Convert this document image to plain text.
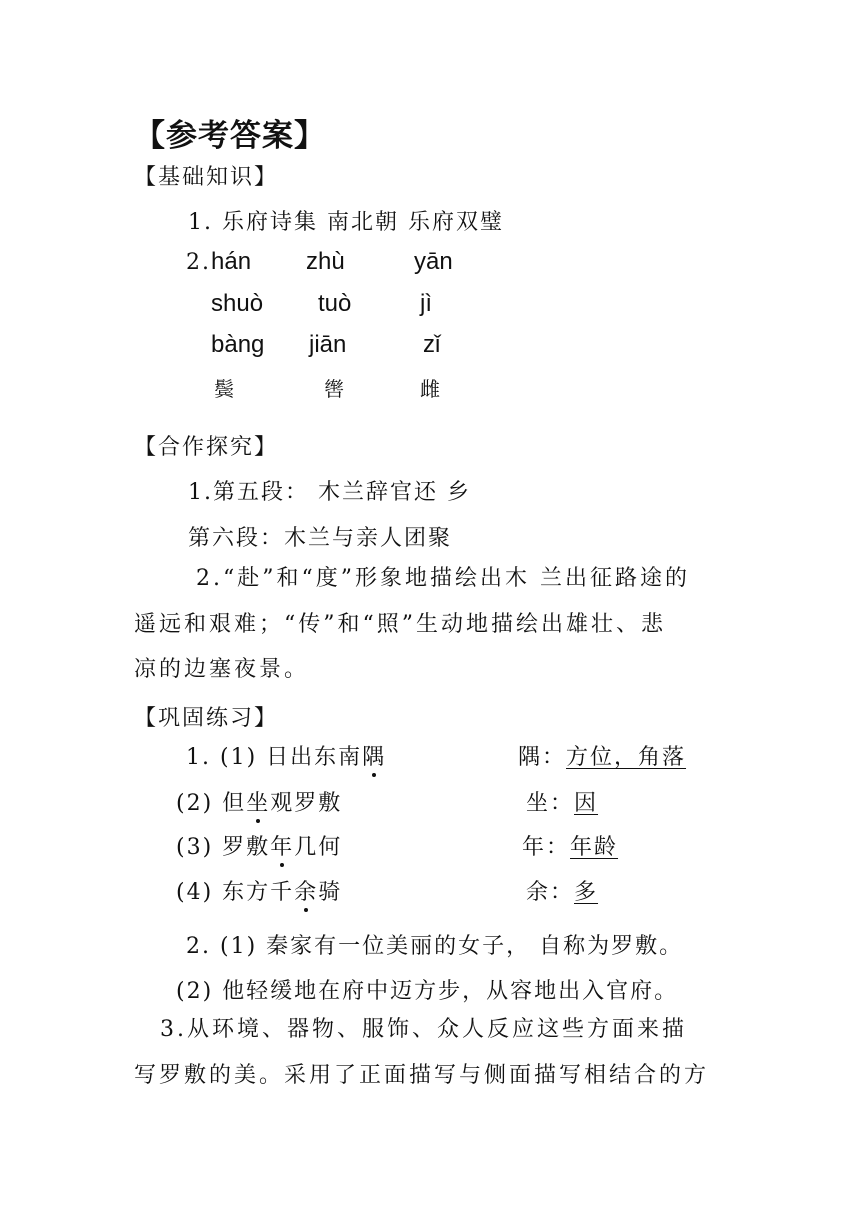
【参考答案】
【基础知识】
1. 乐府诗集 南北朝 乐府双璧
2. hán zhù	yān
shuò tuò	jì
bàng jiān	zǐ
鬓	辔	雌
【合作探究】
1.第五段： 木兰辞官还 乡
第六段：木兰与亲人团聚
2.“赴”和“度”形象地描绘出木 兰出征路途的
遥远和艰难；“传”和“照”生动地描绘出雄壮、悲
凉的边塞夜景。
【巩固练习】
1. (1) 日出东南隅	隅：方位，角落
(2) 但坐观罗敷	坐：因
(3) 罗敷年几何	年：年龄
(4) 东方千余骑	余：多
2. (1) 秦家有一位美丽的女子， 自称为罗敷。
(2) 他轻缓地在府中迈方步，从容地出入官府。
3.从环境、器物、服饰、众人反应这些方面来描
写罗敷的美。采用了正面描写与侧面描写相结合的方
